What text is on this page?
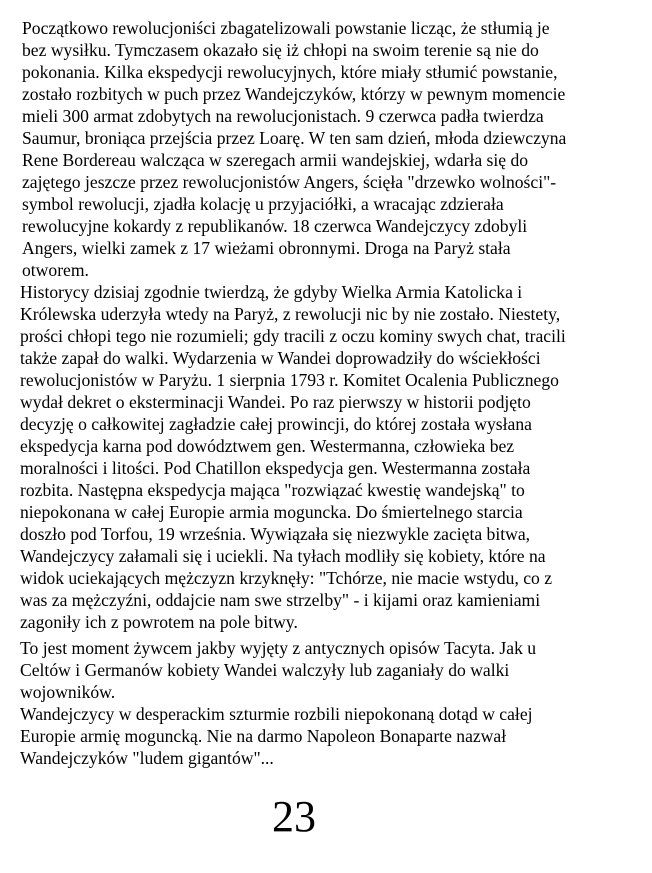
Początkowo rewolucjoniści zbagatelizowali powstanie licząc, że stłumią je
bez wysiłku. Tymczasem okazało się iż chłopi na swoim terenie są nie do
pokonania. Kilka ekspedycji rewolucyjnych, które miały stłumić powstanie,
zostało rozbitych w puch przez Wandejczyków, którzy w pewnym momencie
mieli 300 armat zdobytych na rewolucjonistach. 9 czerwca padła twierdza
Saumur, broniąca przejścia przez Loarę. W ten sam dzień, młoda dziewczyna
Rene Bordereau walcząca w szeregach armii wandejskiej, wdarła się do
zajętego jeszcze przez rewolucjonistów Angers, ścięła "drzewko wolności"-
symbol rewolucji, zjadła kolację u przyjaciółki, a wracając zdzierała
rewolucyjne kokardy z republikanów. 18 czerwca Wandejczycy zdobyli
Angers, wielki zamek z 17 wieżami obronnymi. Droga na Paryż stała
otworem.
Historycy dzisiaj zgodnie twierdzą, że gdyby Wielka Armia Katolicka i
Królewska uderzyła wtedy na Paryż, z rewolucji nic by nie zostało. Niestety,
prości chłopi tego nie rozumieli; gdy tracili z oczu kominy swych chat, tracili
także zapał do walki. Wydarzenia w Wandei doprowadziły do wściekłości
rewolucjonistów w Paryżu. 1 sierpnia 1793 r. Komitet Ocalenia Publicznego
wydał dekret o eksterminacji Wandei. Po raz pierwszy w historii podjęto
decyzję o całkowitej zagładzie całej prowincji, do której została wysłana
ekspedycja karna pod dowództwem gen. Westermanna, człowieka bez
moralności i litości. Pod Chatillon ekspedycja gen. Westermanna została
rozbita. Następna ekspedycja mająca "rozwiązać kwestię wandejską" to
niepokonana w całej Europie armia moguncka. Do śmiertelnego starcia
doszło pod Torfou, 19 września. Wywiązała się niezwykle zacięta bitwa,
Wandejczycy załamali się i uciekli. Na tyłach modliły się kobiety, które na
widok uciekających mężczyzn krzyknęły: "Tchórze, nie macie wstydu, co z
was za mężczyźni, oddajcie nam swe strzelby" - i kijami oraz kamieniami
zagoniły ich z powrotem na pole bitwy.
To jest moment żywcem jakby wyjęty z antycznych opisów Tacyta. Jak u
Celtów i Germanów kobiety Wandei walczyły lub zaganiały do walki
wojowników.
Wandejczycy w desperackim szturmie rozbili niepokonaną dotąd w całej
Europie armię moguncką. Nie na darmo Napoleon Bonaparte nazwał
Wandejczyków "ludem gigantów"...
23
